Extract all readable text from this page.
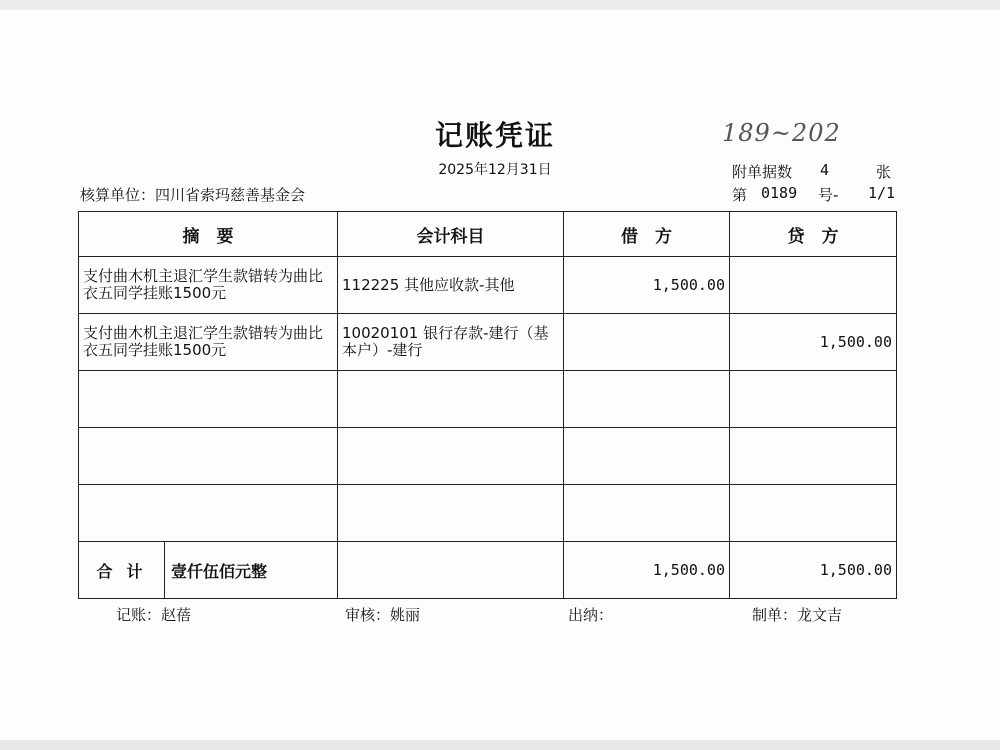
记账凭证	189~202
2025年12月31日	附单据数 4	张
核算单位：四川省索玛慈善基金会	第 0189 号- 1/1
摘　要	会计科目	借　方	贷　方
支付曲木机主退汇学生款错转为曲比衣五同学挂账1500元	112225 其他应收款-其他	1,500.00	
支付曲木机主退汇学生款错转为曲比衣五同学挂账1500元	10020101 银行存款-建行（基本户）-建行		1,500.00

合计 壹仟伍佰元整		1,500.00	1,500.00
记账：赵蓓	审核：姚丽	出纳：	制单：龙文吉
